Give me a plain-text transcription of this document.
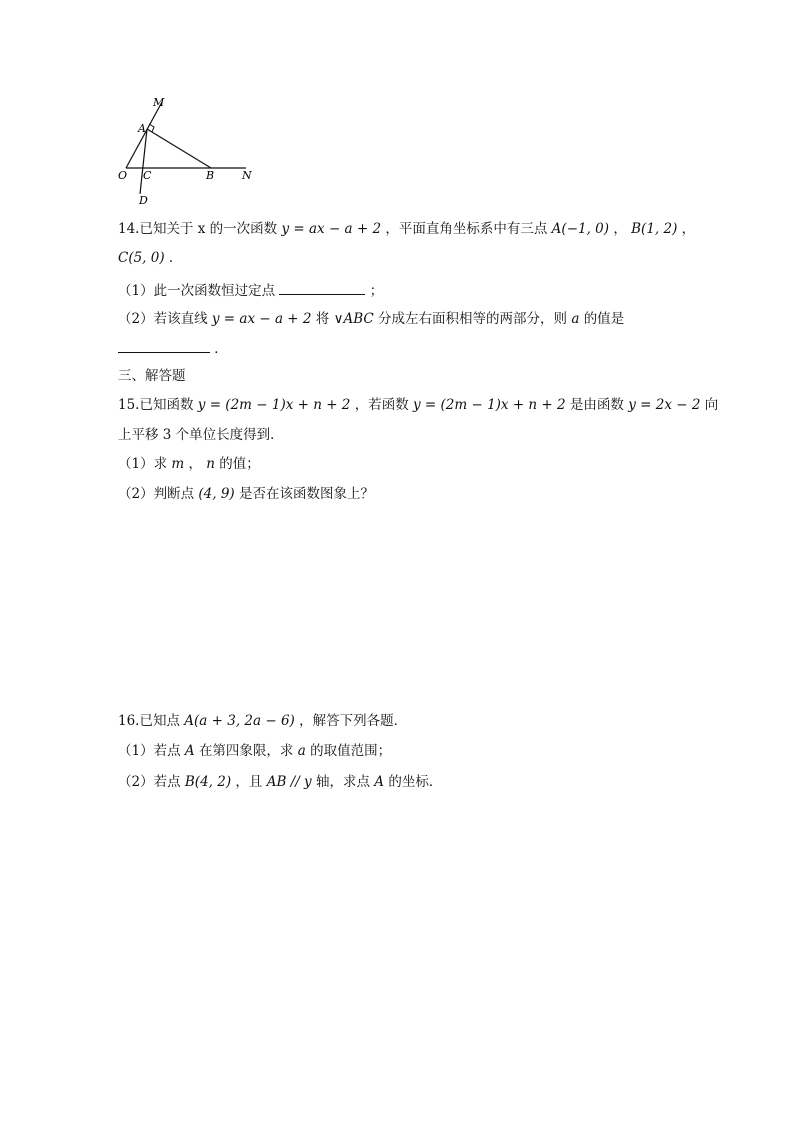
M
A
O C	B	N
D
14.已知关于 x 的一次函数 y = ax − a + 2 ，平面直角坐标系中有三点 A(−1, 0) ， B(1, 2) ，
C(5, 0) ．
（1）此一次函数恒过定点	；
（2）若该直线 y = ax − a + 2 将 ∨ABC 分成左右面积相等的两部分，则 a 的值是
．
三、解答题
15.已知函数 y = (2m − 1)x + n + 2 ，若函数 y = (2m − 1)x + n + 2 是由函数 y = 2x − 2 向
上平移 3 个单位长度得到．
（1）求 m ， n 的值；
（2）判断点 (4, 9) 是否在该函数图象上？
16.已知点 A(a + 3, 2a − 6) ，解答下列各题．
（1）若点 A 在第四象限，求 a 的取值范围；
（2）若点 B(4, 2) ，且 AB // y 轴，求点 A 的坐标．
